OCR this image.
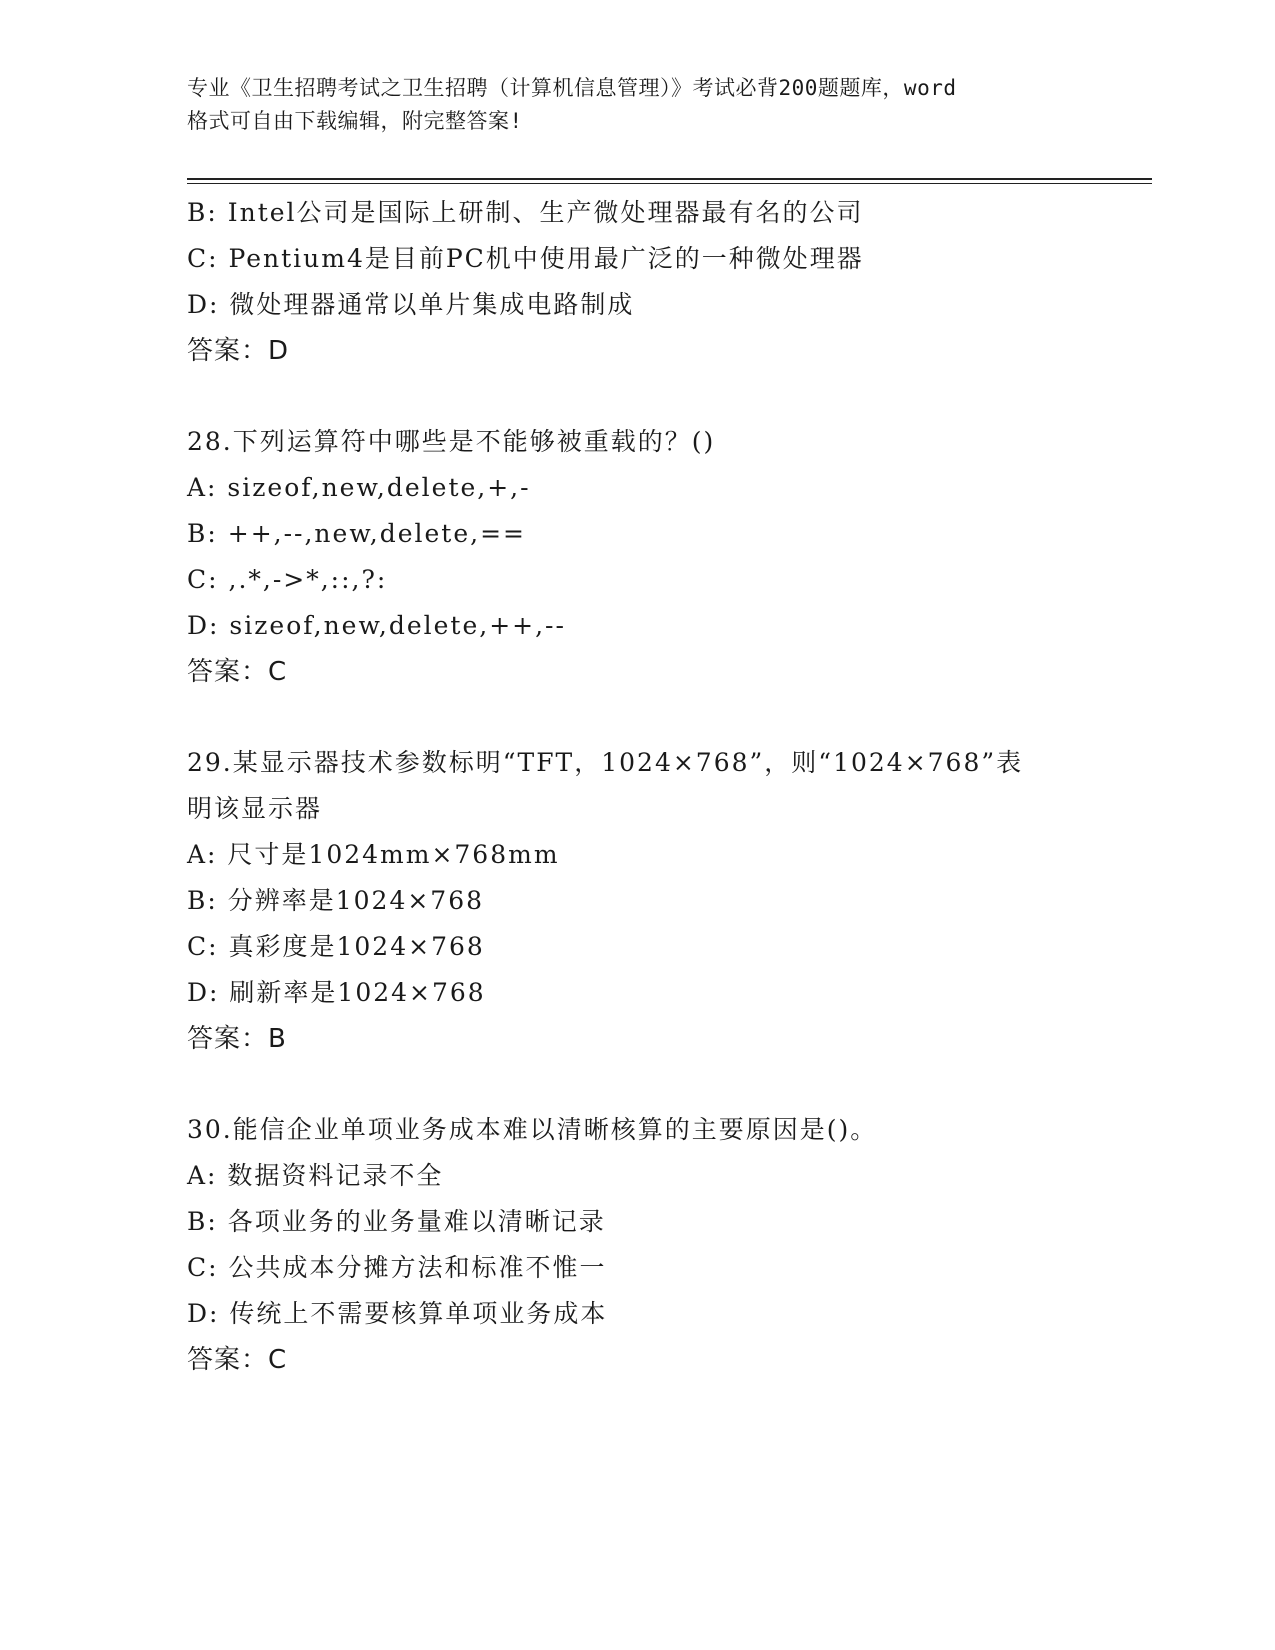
专业《卫生招聘考试之卫生招聘（计算机信息管理）》考试必背200题题库，word
格式可自由下载编辑，附完整答案!
B: Intel公司是国际上研制、生产微处理器最有名的公司
C: Pentium4是目前PC机中使用最广泛的一种微处理器
D: 微处理器通常以单片集成电路制成
答案：D
28.下列运算符中哪些是不能够被重载的？()
A: sizeof,new,delete,+,-
B: ++,--,new,delete,==
C: ,.*,->*,::,?:
D: sizeof,new,delete,++,--
答案：C
29.某显示器技术参数标明“TFT，1024×768”，则“1024×768”表
明该显示器
A: 尺寸是1024mm×768mm
B: 分辨率是1024×768
C: 真彩度是1024×768
D: 刷新率是1024×768
答案：B
30.能信企业单项业务成本难以清晰核算的主要原因是()。
A: 数据资料记录不全
B: 各项业务的业务量难以清晰记录
C: 公共成本分摊方法和标准不惟一
D: 传统上不需要核算单项业务成本
答案：C
